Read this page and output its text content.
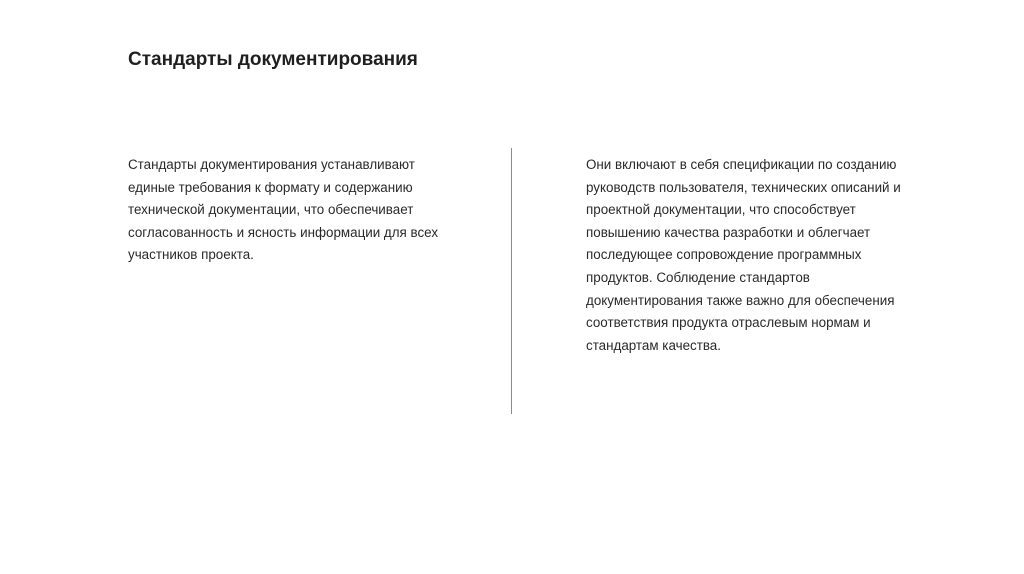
Стандарты документирования

Стандарты документирования устанавливают единые требования к формату и содержанию технической документации, что обеспечивает согласованность и ясность информации для всех участников проекта.

Они включают в себя спецификации по созданию руководств пользователя, технических описаний и проектной документации, что способствует повышению качества разработки и облегчает последующее сопровождение программных продуктов. Соблюдение стандартов документирования также важно для обеспечения соответствия продукта отраслевым нормам и стандартам качества.
